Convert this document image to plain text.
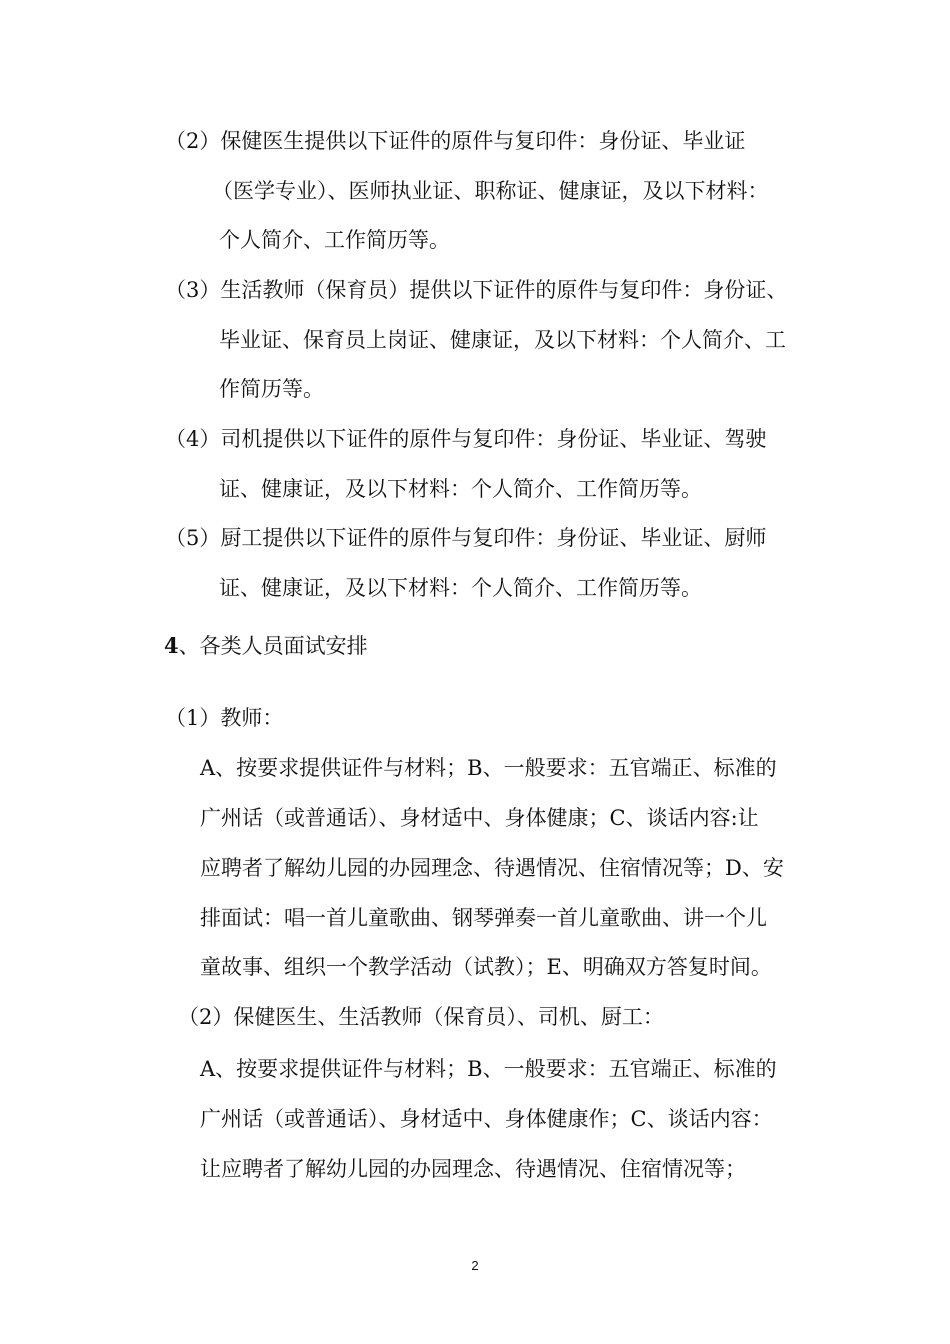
（2）保健医生提供以下证件的原件与复印件：身份证、毕业证
（医学专业）、医师执业证、职称证、健康证，及以下材料：
个人简介、工作简历等。
（3）生活教师（保育员）提供以下证件的原件与复印件：身份证、
毕业证、保育员上岗证、健康证，及以下材料：个人简介、工
作简历等。
（4）司机提供以下证件的原件与复印件：身份证、毕业证、驾驶
证、健康证，及以下材料：个人简介、工作简历等。
（5）厨工提供以下证件的原件与复印件：身份证、毕业证、厨师
证、健康证，及以下材料：个人简介、工作简历等。
4、各类人员面试安排
（1）教师：
A、按要求提供证件与材料；B、一般要求：五官端正、标准的
广州话（或普通话）、身材适中、身体健康；C、谈话内容:让
应聘者了解幼儿园的办园理念、待遇情况、住宿情况等；D、安
排面试：唱一首儿童歌曲、钢琴弹奏一首儿童歌曲、讲一个儿
童故事、组织一个教学活动（试教）；E、明确双方答复时间。
（2）保健医生、生活教师（保育员）、司机、厨工：
A、按要求提供证件与材料；B、一般要求：五官端正、标准的
广州话（或普通话）、身材适中、身体健康作；C、谈话内容：
让应聘者了解幼儿园的办园理念、待遇情况、住宿情况等；
2
